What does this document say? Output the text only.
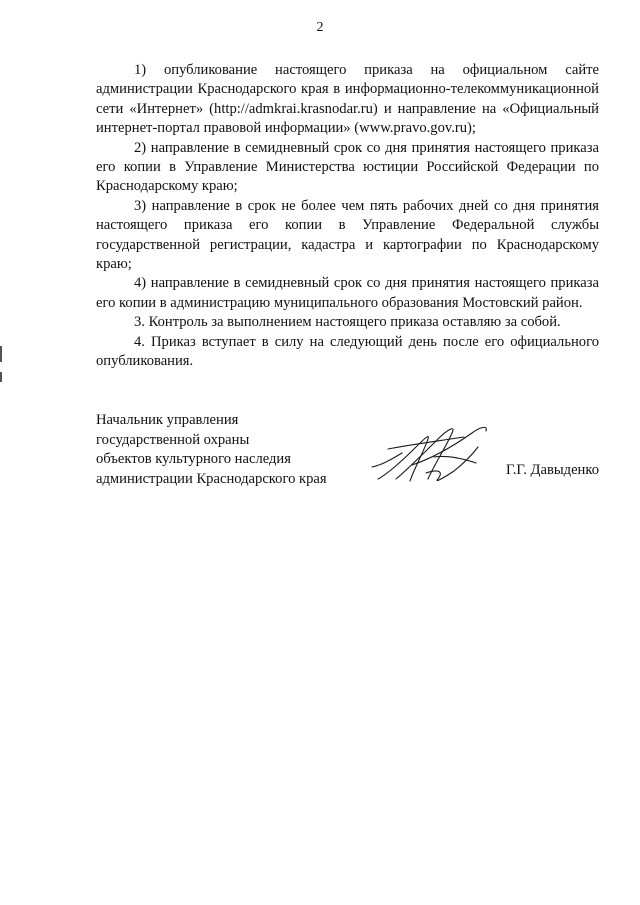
2

1) опубликование настоящего приказа на официальном сайте администрации Краснодарского края в информационно-телекоммуникационной сети «Интернет» (http://admkrai.krasnodar.ru) и направление на «Официальный интернет-портал правовой информации» (www.pravo.gov.ru);

2) направление в семидневный срок со дня принятия настоящего приказа его копии в Управление Министерства юстиции Российской Федерации по Краснодарскому краю;

3) направление в срок не более чем пять рабочих дней со дня принятия настоящего приказа его копии в Управление Федеральной службы государственной регистрации, кадастра и картографии по Краснодарскому краю;

4) направление в семидневный срок со дня принятия настоящего приказа его копии в администрацию муниципального образования Мостовский район.

3. Контроль за выполнением настоящего приказа оставляю за собой.

4. Приказ вступает в силу на следующий день после его официального опубликования.

Начальник управления
государственной охраны
объектов культурного наследия
администрации Краснодарского края
Г.Г. Давыденко
